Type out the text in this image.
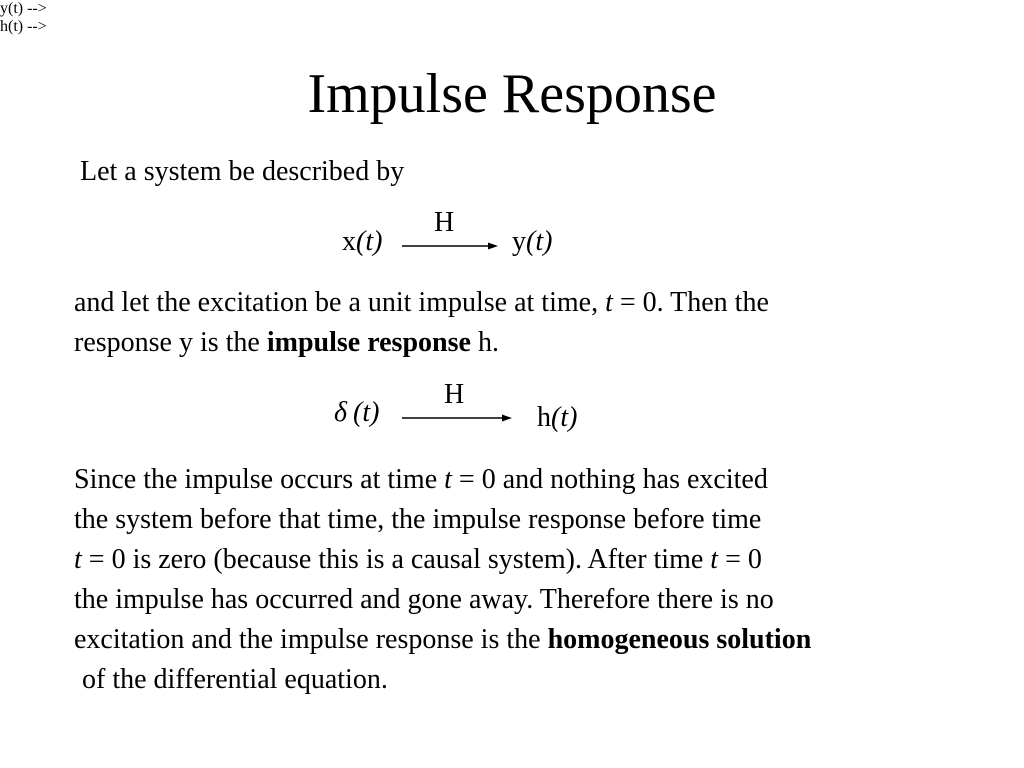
Impulse Response
Let a system be described by
y(t) -->
x(t)
H
y(t)
and let the excitation be a unit impulse at time, t = 0. Then the
response y is the impulse response h.
h(t) -->
δ (t)
H
h(t)
Since the impulse occurs at time t = 0 and nothing has excited
the system before that time, the impulse response before time
t = 0 is zero (because this is a causal system). After time t = 0
the impulse has occurred and gone away. Therefore there is no
excitation and the impulse response is the homogeneous solution
of the differential equation.
